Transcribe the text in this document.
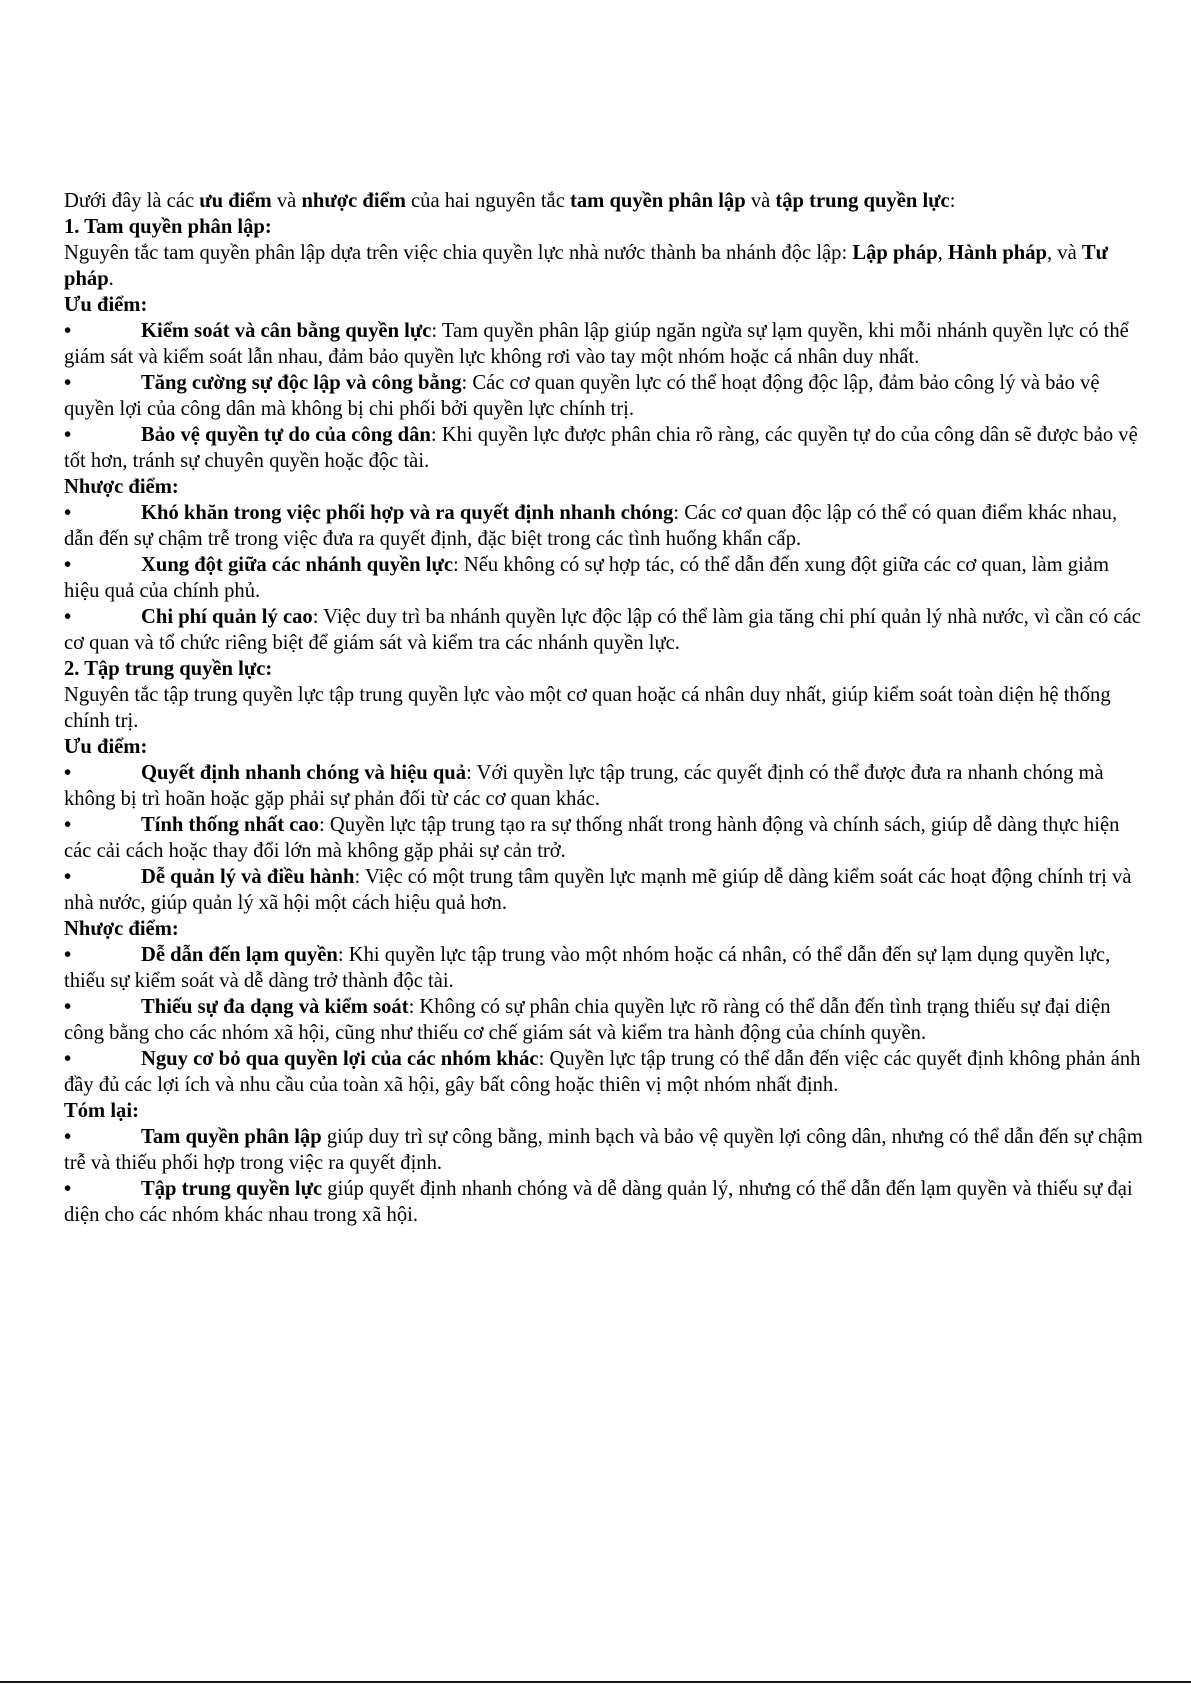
Dưới đây là các ưu điểm và nhược điểm của hai nguyên tắc tam quyền phân lập và tập trung quyền lực:

1. Tam quyền phân lập:

Nguyên tắc tam quyền phân lập dựa trên việc chia quyền lực nhà nước thành ba nhánh độc lập: Lập pháp, Hành pháp, và Tư pháp.

Ưu điểm:

•	Kiểm soát và cân bằng quyền lực: Tam quyền phân lập giúp ngăn ngừa sự lạm quyền, khi mỗi nhánh quyền lực có thể giám sát và kiểm soát lẫn nhau, đảm bảo quyền lực không rơi vào tay một nhóm hoặc cá nhân duy nhất.

•	Tăng cường sự độc lập và công bằng: Các cơ quan quyền lực có thể hoạt động độc lập, đảm bảo công lý và bảo vệ quyền lợi của công dân mà không bị chi phối bởi quyền lực chính trị.

•	Bảo vệ quyền tự do của công dân: Khi quyền lực được phân chia rõ ràng, các quyền tự do của công dân sẽ được bảo vệ tốt hơn, tránh sự chuyên quyền hoặc độc tài.

Nhược điểm:

•	Khó khăn trong việc phối hợp và ra quyết định nhanh chóng: Các cơ quan độc lập có thể có quan điểm khác nhau, dẫn đến sự chậm trễ trong việc đưa ra quyết định, đặc biệt trong các tình huống khẩn cấp.

•	Xung đột giữa các nhánh quyền lực: Nếu không có sự hợp tác, có thể dẫn đến xung đột giữa các cơ quan, làm giảm hiệu quả của chính phủ.

•	Chi phí quản lý cao: Việc duy trì ba nhánh quyền lực độc lập có thể làm gia tăng chi phí quản lý nhà nước, vì cần có các cơ quan và tổ chức riêng biệt để giám sát và kiểm tra các nhánh quyền lực.

2. Tập trung quyền lực:

Nguyên tắc tập trung quyền lực tập trung quyền lực vào một cơ quan hoặc cá nhân duy nhất, giúp kiểm soát toàn diện hệ thống chính trị.

Ưu điểm:

•	Quyết định nhanh chóng và hiệu quả: Với quyền lực tập trung, các quyết định có thể được đưa ra nhanh chóng mà không bị trì hoãn hoặc gặp phải sự phản đối từ các cơ quan khác.

•	Tính thống nhất cao: Quyền lực tập trung tạo ra sự thống nhất trong hành động và chính sách, giúp dễ dàng thực hiện các cải cách hoặc thay đổi lớn mà không gặp phải sự cản trở.

•	Dễ quản lý và điều hành: Việc có một trung tâm quyền lực mạnh mẽ giúp dễ dàng kiểm soát các hoạt động chính trị và nhà nước, giúp quản lý xã hội một cách hiệu quả hơn.

Nhược điểm:

•	Dễ dẫn đến lạm quyền: Khi quyền lực tập trung vào một nhóm hoặc cá nhân, có thể dẫn đến sự lạm dụng quyền lực, thiếu sự kiểm soát và dễ dàng trở thành độc tài.

•	Thiếu sự đa dạng và kiểm soát: Không có sự phân chia quyền lực rõ ràng có thể dẫn đến tình trạng thiếu sự đại diện công bằng cho các nhóm xã hội, cũng như thiếu cơ chế giám sát và kiểm tra hành động của chính quyền.

•	Nguy cơ bỏ qua quyền lợi của các nhóm khác: Quyền lực tập trung có thể dẫn đến việc các quyết định không phản ánh đầy đủ các lợi ích và nhu cầu của toàn xã hội, gây bất công hoặc thiên vị một nhóm nhất định.

Tóm lại:

•	Tam quyền phân lập giúp duy trì sự công bằng, minh bạch và bảo vệ quyền lợi công dân, nhưng có thể dẫn đến sự chậm trễ và thiếu phối hợp trong việc ra quyết định.

•	Tập trung quyền lực giúp quyết định nhanh chóng và dễ dàng quản lý, nhưng có thể dẫn đến lạm quyền và thiếu sự đại diện cho các nhóm khác nhau trong xã hội.
